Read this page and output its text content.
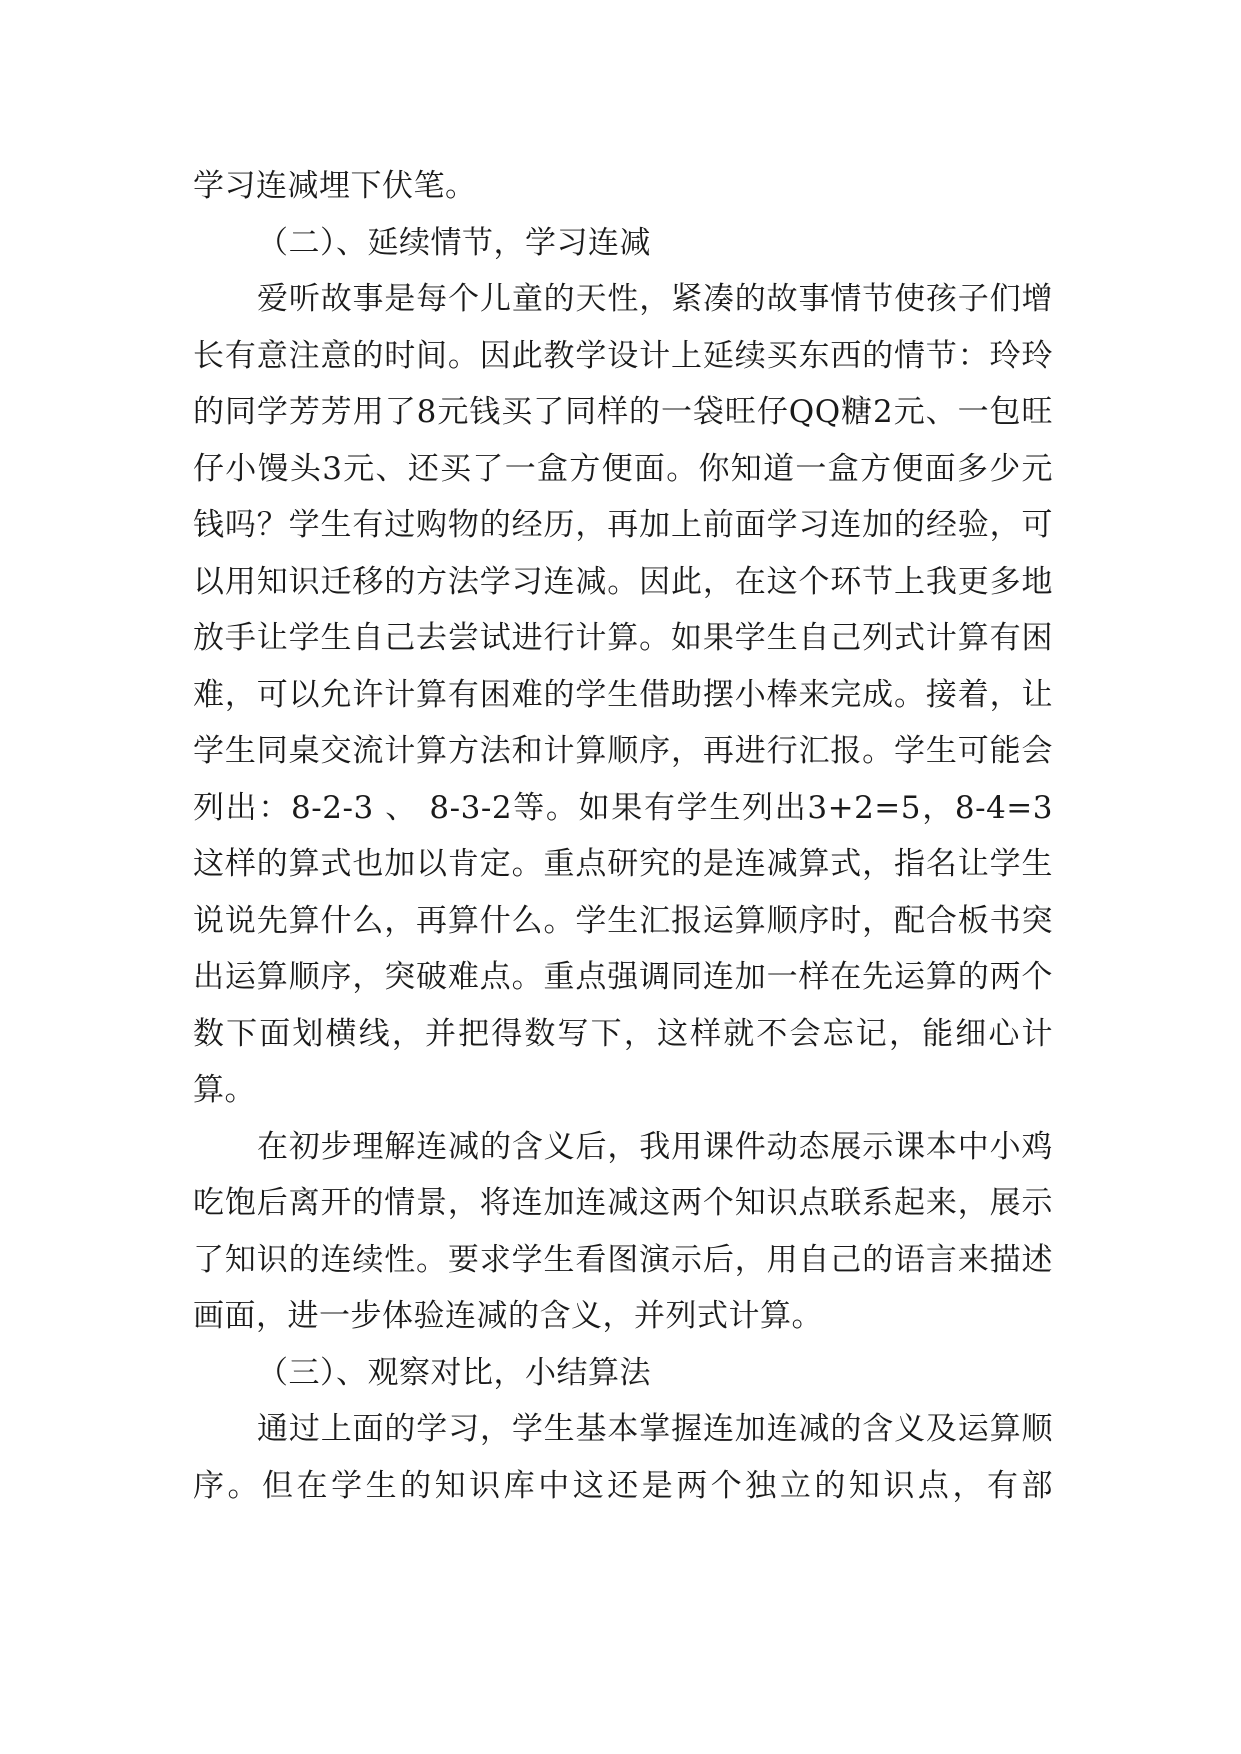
学习连减埋下伏笔。

（二）、延续情节，学习连减

爱听故事是每个儿童的天性，紧凑的故事情节使孩子们增长有意注意的时间。因此教学设计上延续买东西的情节：玲玲的同学芳芳用了8元钱买了同样的一袋旺仔QQ糖2元、一包旺仔小馒头3元、还买了一盒方便面。你知道一盒方便面多少元钱吗？学生有过购物的经历，再加上前面学习连加的经验，可以用知识迁移的方法学习连减。因此，在这个环节上我更多地放手让学生自己去尝试进行计算。如果学生自己列式计算有困难，可以允许计算有困难的学生借助摆小棒来完成。接着，让学生同桌交流计算方法和计算顺序，再进行汇报。学生可能会列出：8-2-3 、 8-3-2等。如果有学生列出3+2=5，8-4=3这样的算式也加以肯定。重点研究的是连减算式，指名让学生说说先算什么，再算什么。学生汇报运算顺序时，配合板书突出运算顺序，突破难点。重点强调同连加一样在先运算的两个数下面划横线，并把得数写下，这样就不会忘记，能细心计算。

在初步理解连减的含义后，我用课件动态展示课本中小鸡吃饱后离开的情景，将连加连减这两个知识点联系起来，展示了知识的连续性。要求学生看图演示后，用自己的语言来描述画面，进一步体验连减的含义，并列式计算。

（三）、观察对比，小结算法

通过上面的学习，学生基本掌握连加连减的含义及运算顺序。但在学生的知识库中这还是两个独立的知识点，有部
